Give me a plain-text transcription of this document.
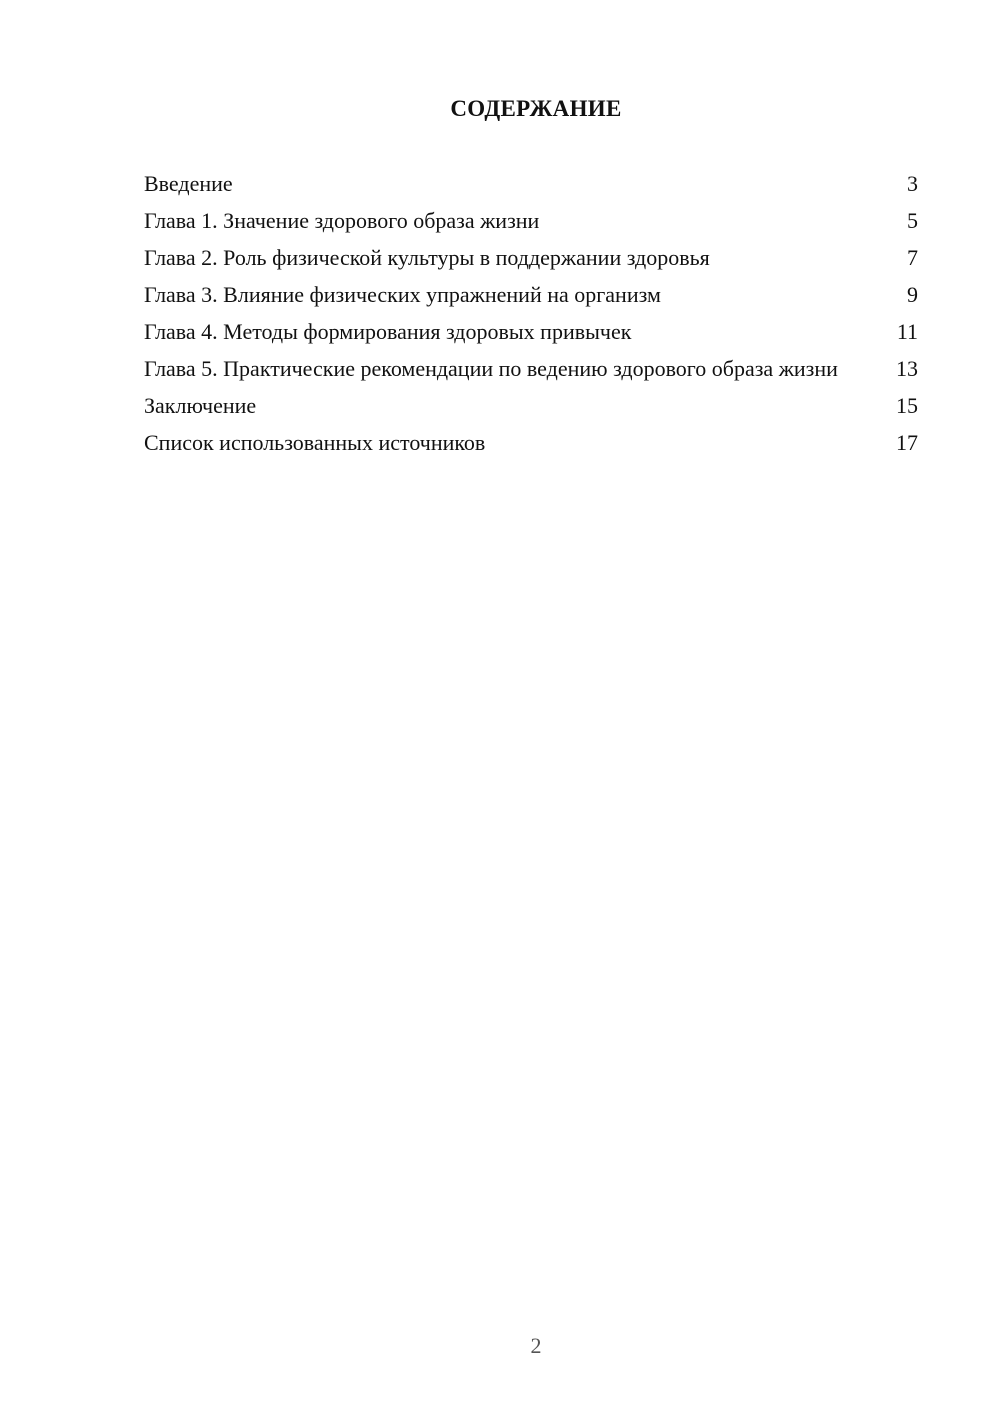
СОДЕРЖАНИЕ
Введение	3
Глава 1. Значение здорового образа жизни	5
Глава 2. Роль физической культуры в поддержании здоровья	7
Глава 3. Влияние физических упражнений на организм	9
Глава 4. Методы формирования здоровых привычек	11
Глава 5. Практические рекомендации по ведению здорового образа жизни	13
Заключение	15
Список использованных источников	17
2
